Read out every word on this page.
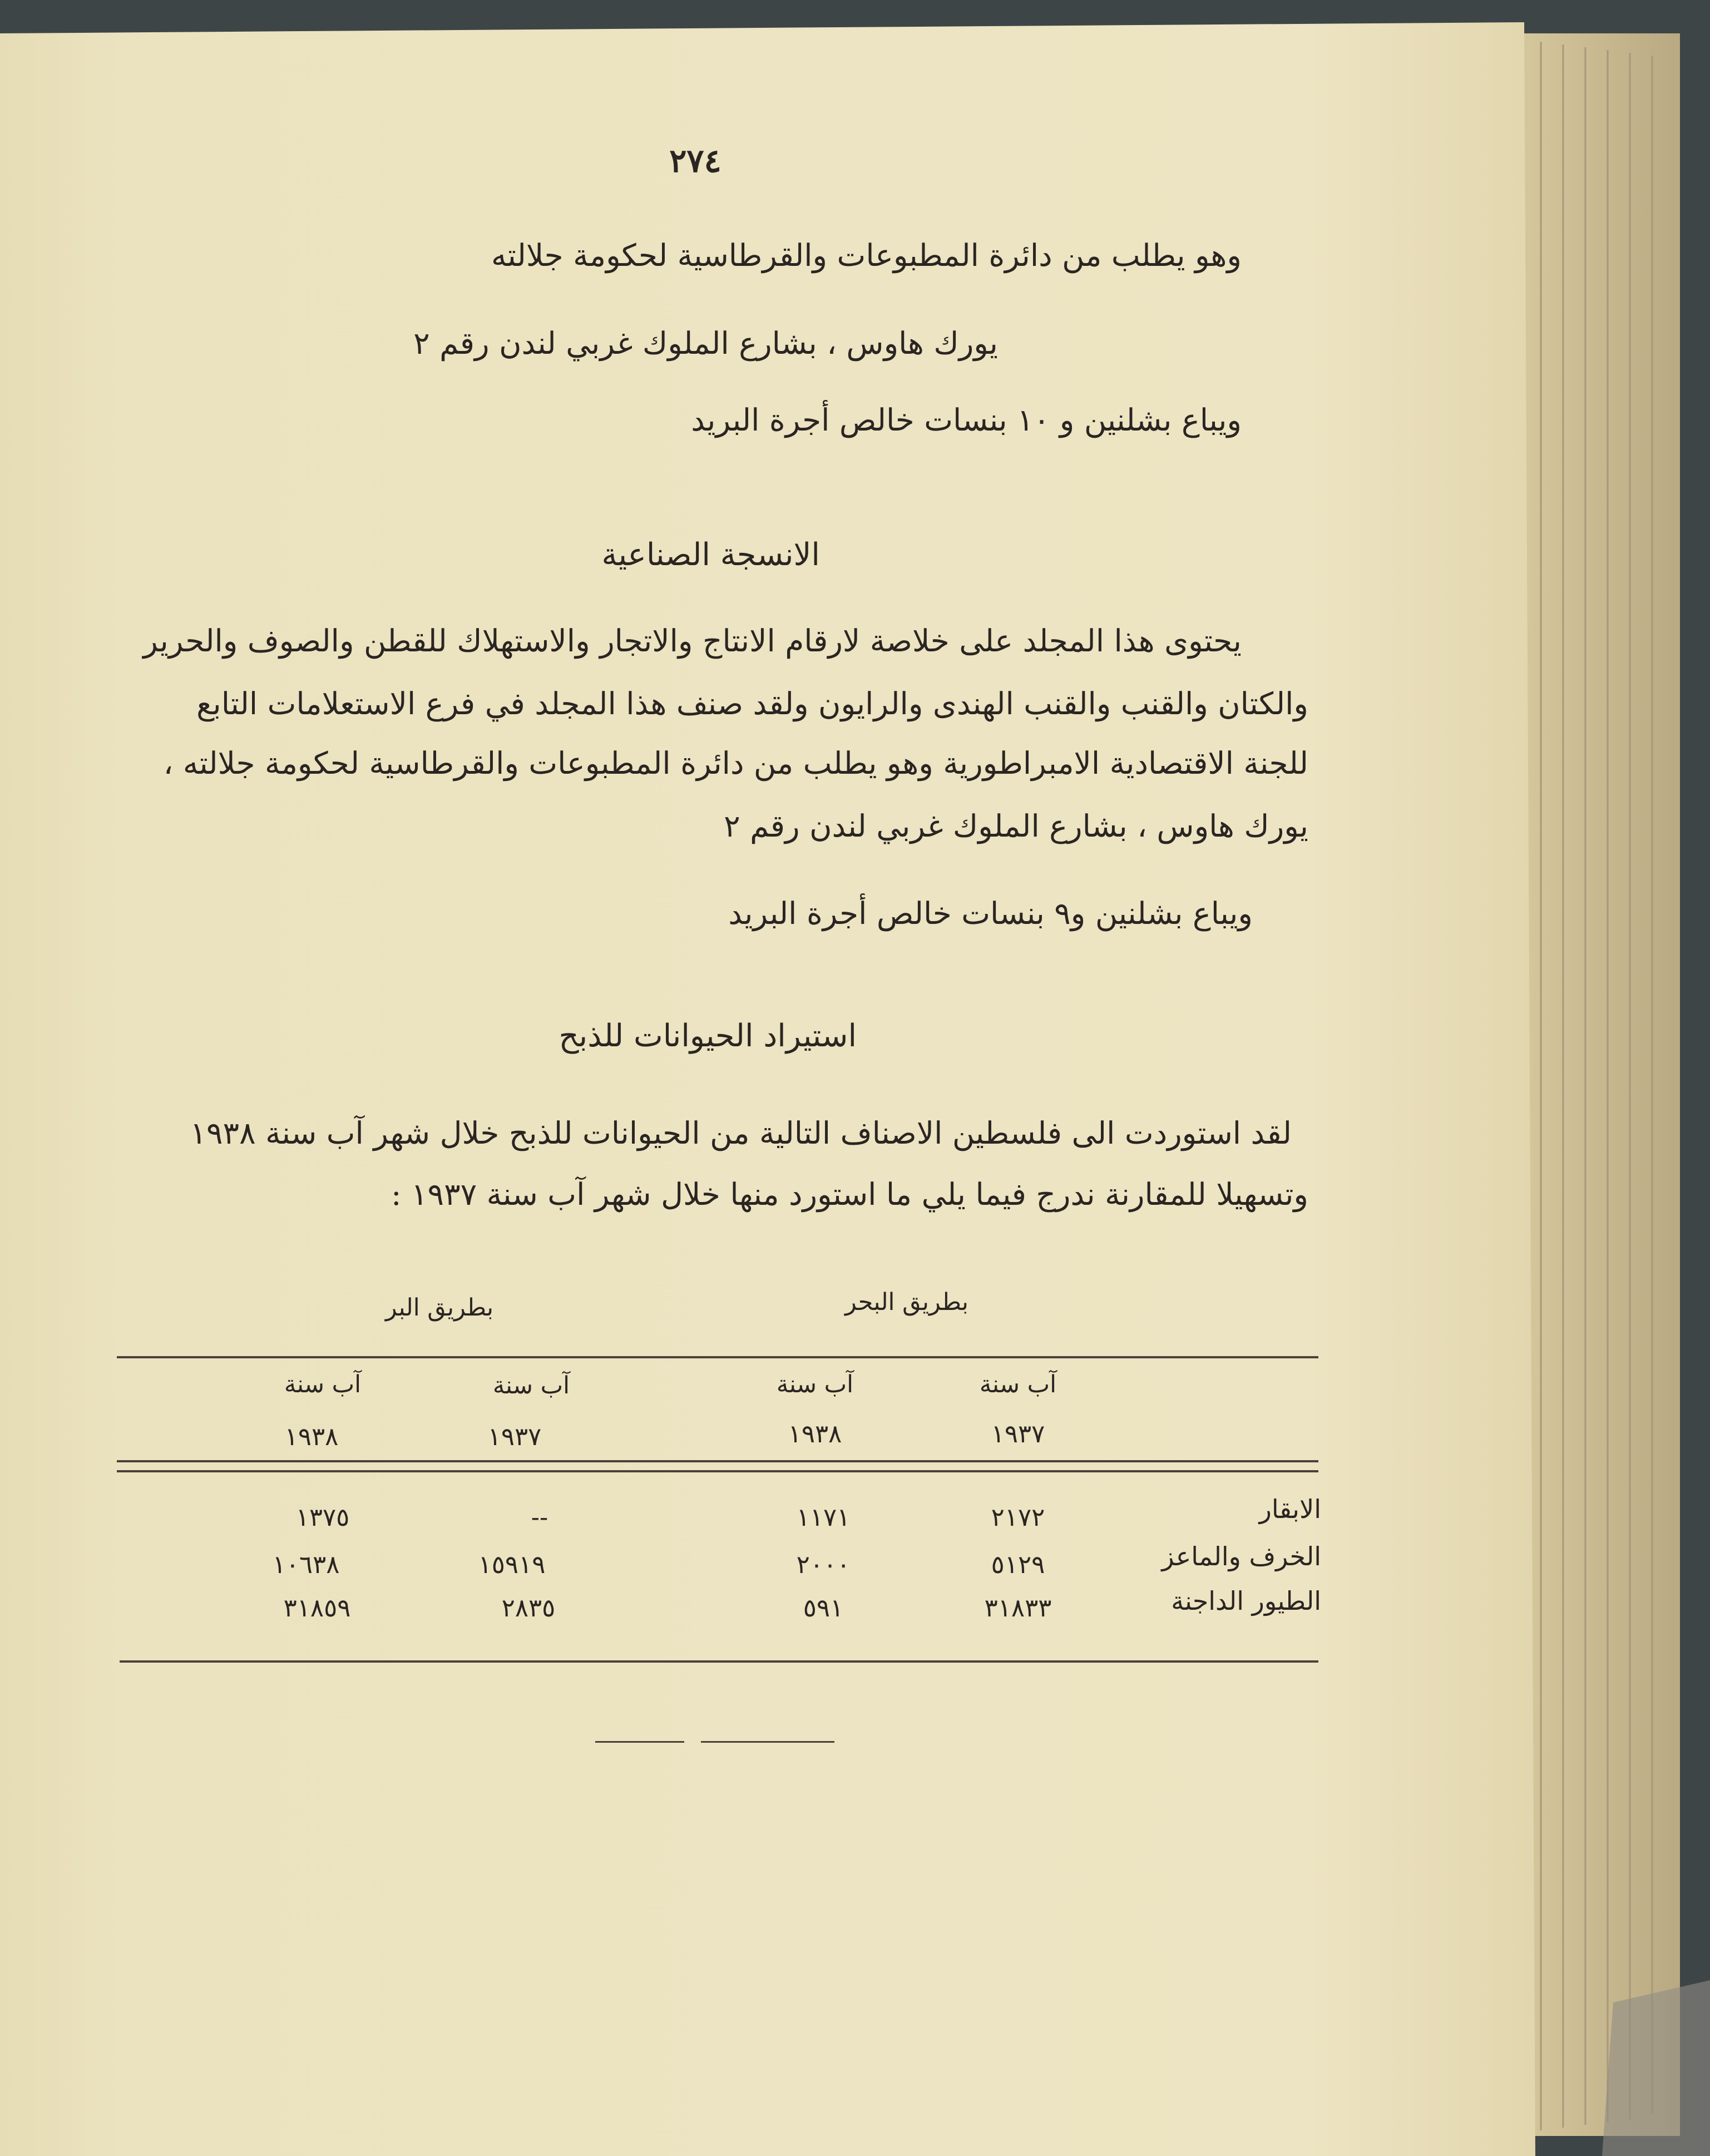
٢٧٤
وهو يطلب من دائرة المطبوعات والقرطاسية لحكومة جلالته
يورك هاوس ، بشارع الملوك غربي لندن رقم ٢
ويباع بشلنين و ١٠ بنسات خالص أجرة البريد
الانسجة الصناعية
يحتوى هذا المجلد على خلاصة لارقام الانتاج والاتجار والاستهلاك للقطن والصوف والحرير
والكتان والقنب والقنب الهندى والرايون ولقد صنف هذا المجلد في فرع الاستعلامات التابع
للجنة الاقتصادية الامبراطورية وهو يطلب من دائرة المطبوعات والقرطاسية لحكومة جلالته ،
يورك هاوس ، بشارع الملوك غربي لندن رقم ٢
ويباع بشلنين و٩ بنسات خالص أجرة البريد
استيراد الحيوانات للذبح
لقد استوردت الى فلسطين الاصناف التالية من الحيوانات للذبح خلال شهر آب سنة ١٩٣٨
وتسهيلا للمقارنة ندرج فيما يلي ما استورد منها خلال شهر آب سنة ١٩٣٧ :
بطريق البحر
بطريق البر
آب سنة
آب سنة
آب سنة
آب سنة
١٩٣٧
١٩٣٨
١٩٣٧
١٩٣٨
الابقار
٢١٧٢
١١٧١
--
١٣٧٥
الخرف والماعز
٥١٢٩
٢٠٠٠
١٥٩١٩
١٠٦٣٨
الطيور الداجنة
٣١٨٣٣
٥٩١
٢٨٣٥
٣١٨٥٩
